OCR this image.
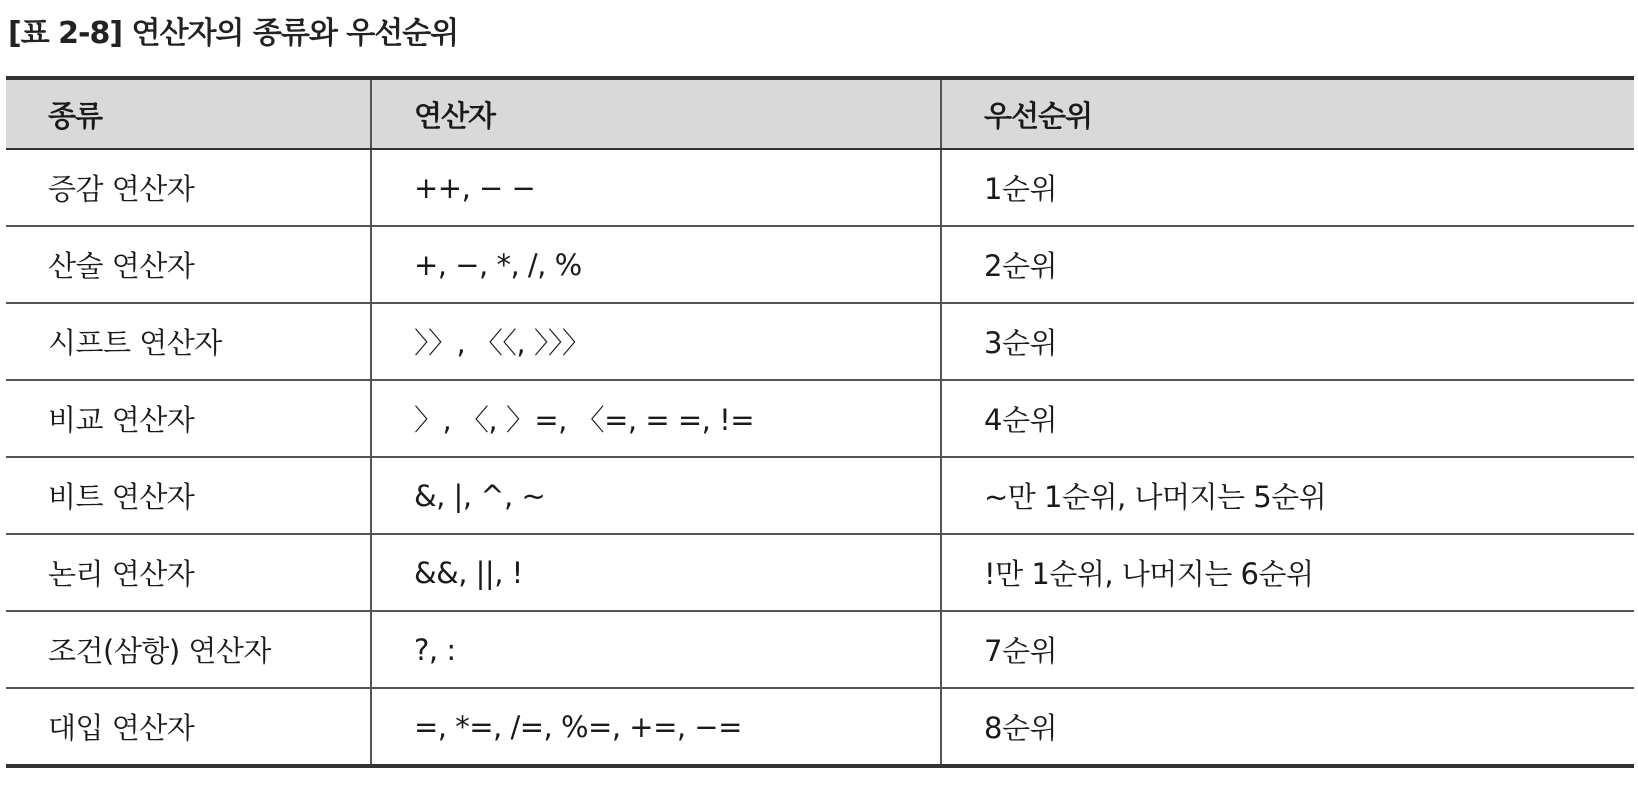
[표 2-8] 연산자의 종류와 우선순위
종류	연산자	우선순위
증감 연산자	++, − −	1순위
산술 연산자	+, −, *, /, %	2순위
시프트 연산자	〉〉, 〈〈, 〉〉〉	3순위
비교 연산자	〉, 〈, 〉=, 〈=, = =, !=	4순위
비트 연산자	&, |, ^, ~	~만 1순위, 나머지는 5순위
논리 연산자	&&, ||, !	!만 1순위, 나머지는 6순위
조건(삼항) 연산자	?, :	7순위
대입 연산자	=, *=, /=, %=, +=, −=	8순위
